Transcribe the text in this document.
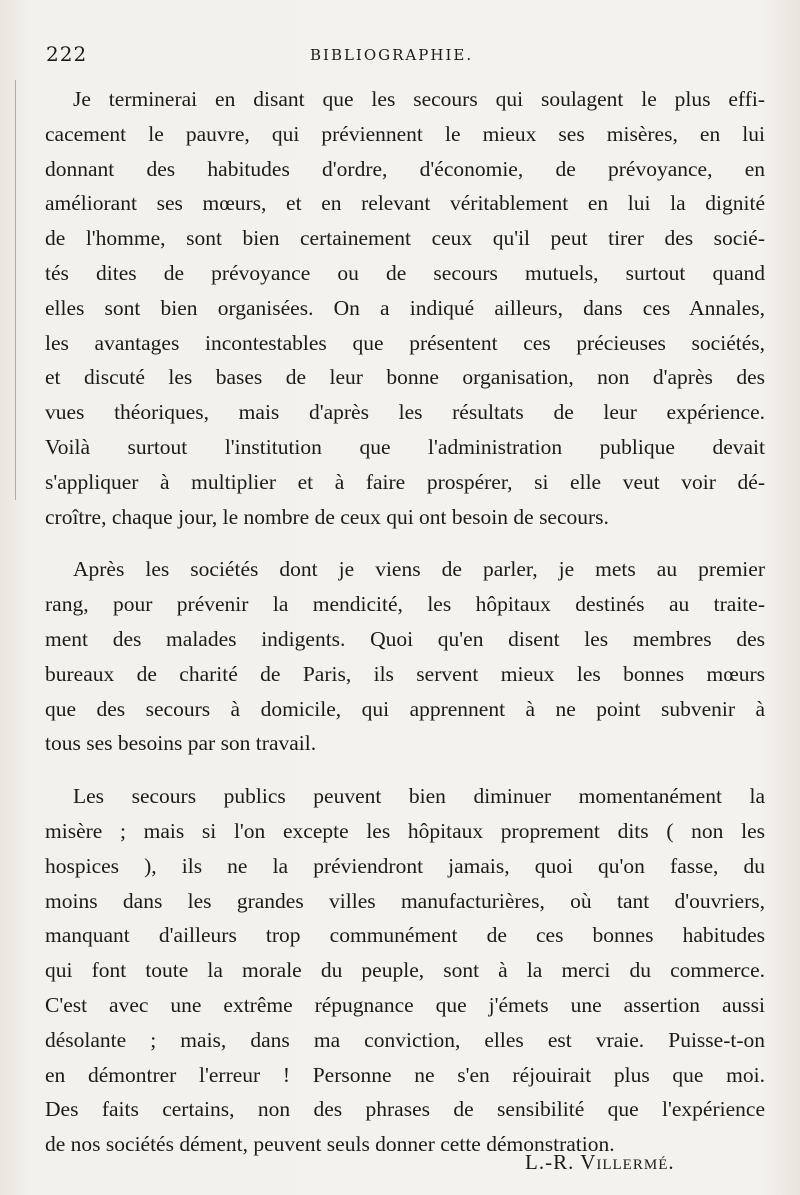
222	BIBLIOGRAPHIE.
Je terminerai en disant que les secours qui soulagent le plus effi-
cacement le pauvre, qui préviennent le mieux ses misères, en lui
donnant des habitudes d'ordre, d'économie, de prévoyance, en
améliorant ses mœurs, et en relevant véritablement en lui la dignité
de l'homme, sont bien certainement ceux qu'il peut tirer des socié-
tés dites de prévoyance ou de secours mutuels, surtout quand
elles sont bien organisées. On a indiqué ailleurs, dans ces Annales,
les avantages incontestables que présentent ces précieuses sociétés,
et discuté les bases de leur bonne organisation, non d'après des
vues théoriques, mais d'après les résultats de leur expérience.
Voilà surtout l'institution que l'administration publique devait
s'appliquer à multiplier et à faire prospérer, si elle veut voir dé-
croître, chaque jour, le nombre de ceux qui ont besoin de secours.
Après les sociétés dont je viens de parler, je mets au premier
rang, pour prévenir la mendicité, les hôpitaux destinés au traite-
ment des malades indigents. Quoi qu'en disent les membres des
bureaux de charité de Paris, ils servent mieux les bonnes mœurs
que des secours à domicile, qui apprennent à ne point subvenir à
tous ses besoins par son travail.
Les secours publics peuvent bien diminuer momentanément la
misère ; mais si l'on excepte les hôpitaux proprement dits ( non les
hospices ), ils ne la préviendront jamais, quoi qu'on fasse, du
moins dans les grandes villes manufacturières, où tant d'ouvriers,
manquant d'ailleurs trop communément de ces bonnes habitudes
qui font toute la morale du peuple, sont à la merci du commerce.
C'est avec une extrême répugnance que j'émets une assertion aussi
désolante ; mais, dans ma conviction, elles est vraie. Puisse-t-on
en démontrer l'erreur ! Personne ne s'en réjouirait plus que moi.
Des faits certains, non des phrases de sensibilité que l'expérience
de nos sociétés dément, peuvent seuls donner cette démonstration.
L.-R. Villermé.
